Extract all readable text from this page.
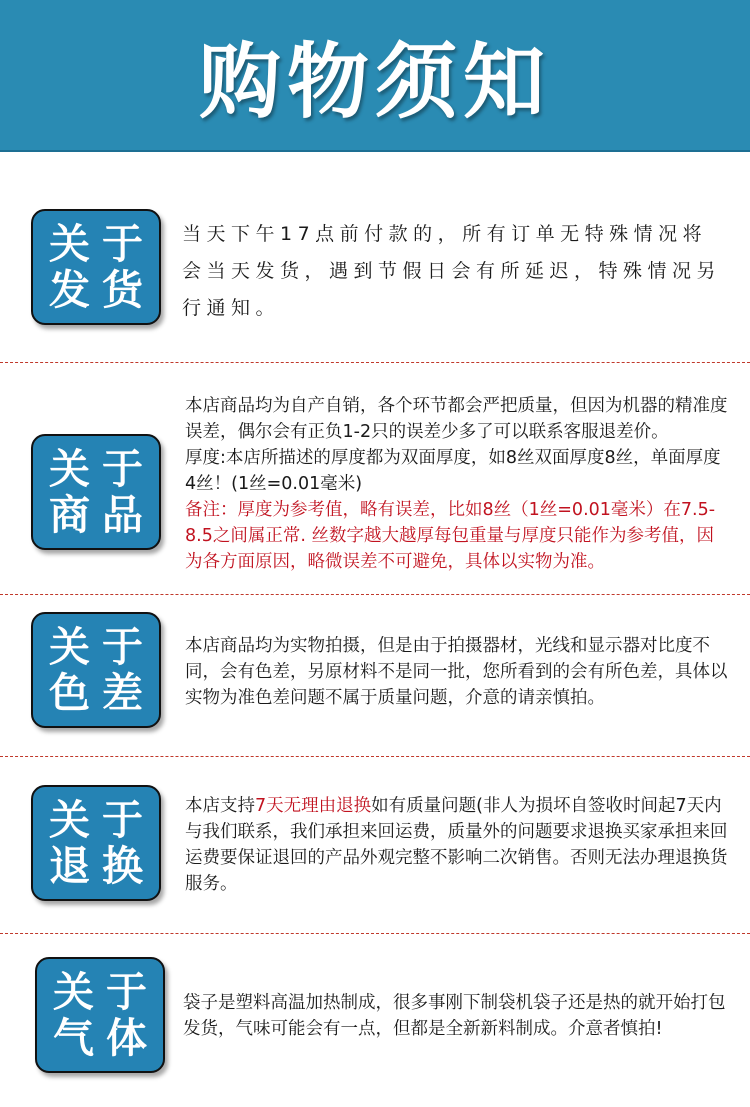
购物须知
关于
发货

当天下午17点前付款的，所有订单无特殊情况将会当天发货，遇到节假日会有所延迟，特殊情况另行通知。

关于
商品

本店商品均为自产自销，各个环节都会严把质量，但因为机器的精准度误差，偶尔会有正负1-2只的误差少多了可以联系客服退差价。

厚度:本店所描述的厚度都为双面厚度，如8丝双面厚度8丝，单面厚度4丝！(1丝=0.01毫米)

备注：厚度为参考值，略有误差，比如8丝（1丝=0.01毫米）在7.5-8.5之间属正常. 丝数字越大越厚每包重量与厚度只能作为参考值，因为各方面原因，略微误差不可避免，具体以实物为准。

关于
色差

本店商品均为实物拍摄，但是由于拍摄器材，光线和显示器对比度不同，会有色差，另原材料不是同一批，您所看到的会有所色差，具体以实物为准色差问题不属于质量问题，介意的请亲慎拍。

关于
退换

本店支持7天无理由退换如有质量问题(非人为损坏自签收时间起7天内与我们联系，我们承担来回运费，质量外的问题要求退换买家承担来回运费要保证退回的产品外观完整不影响二次销售。否则无法办理退换货服务。

关于
气体

袋子是塑料高温加热制成，很多事刚下制袋机袋子还是热的就开始打包发货，气味可能会有一点，但都是全新新料制成。介意者慎拍!
